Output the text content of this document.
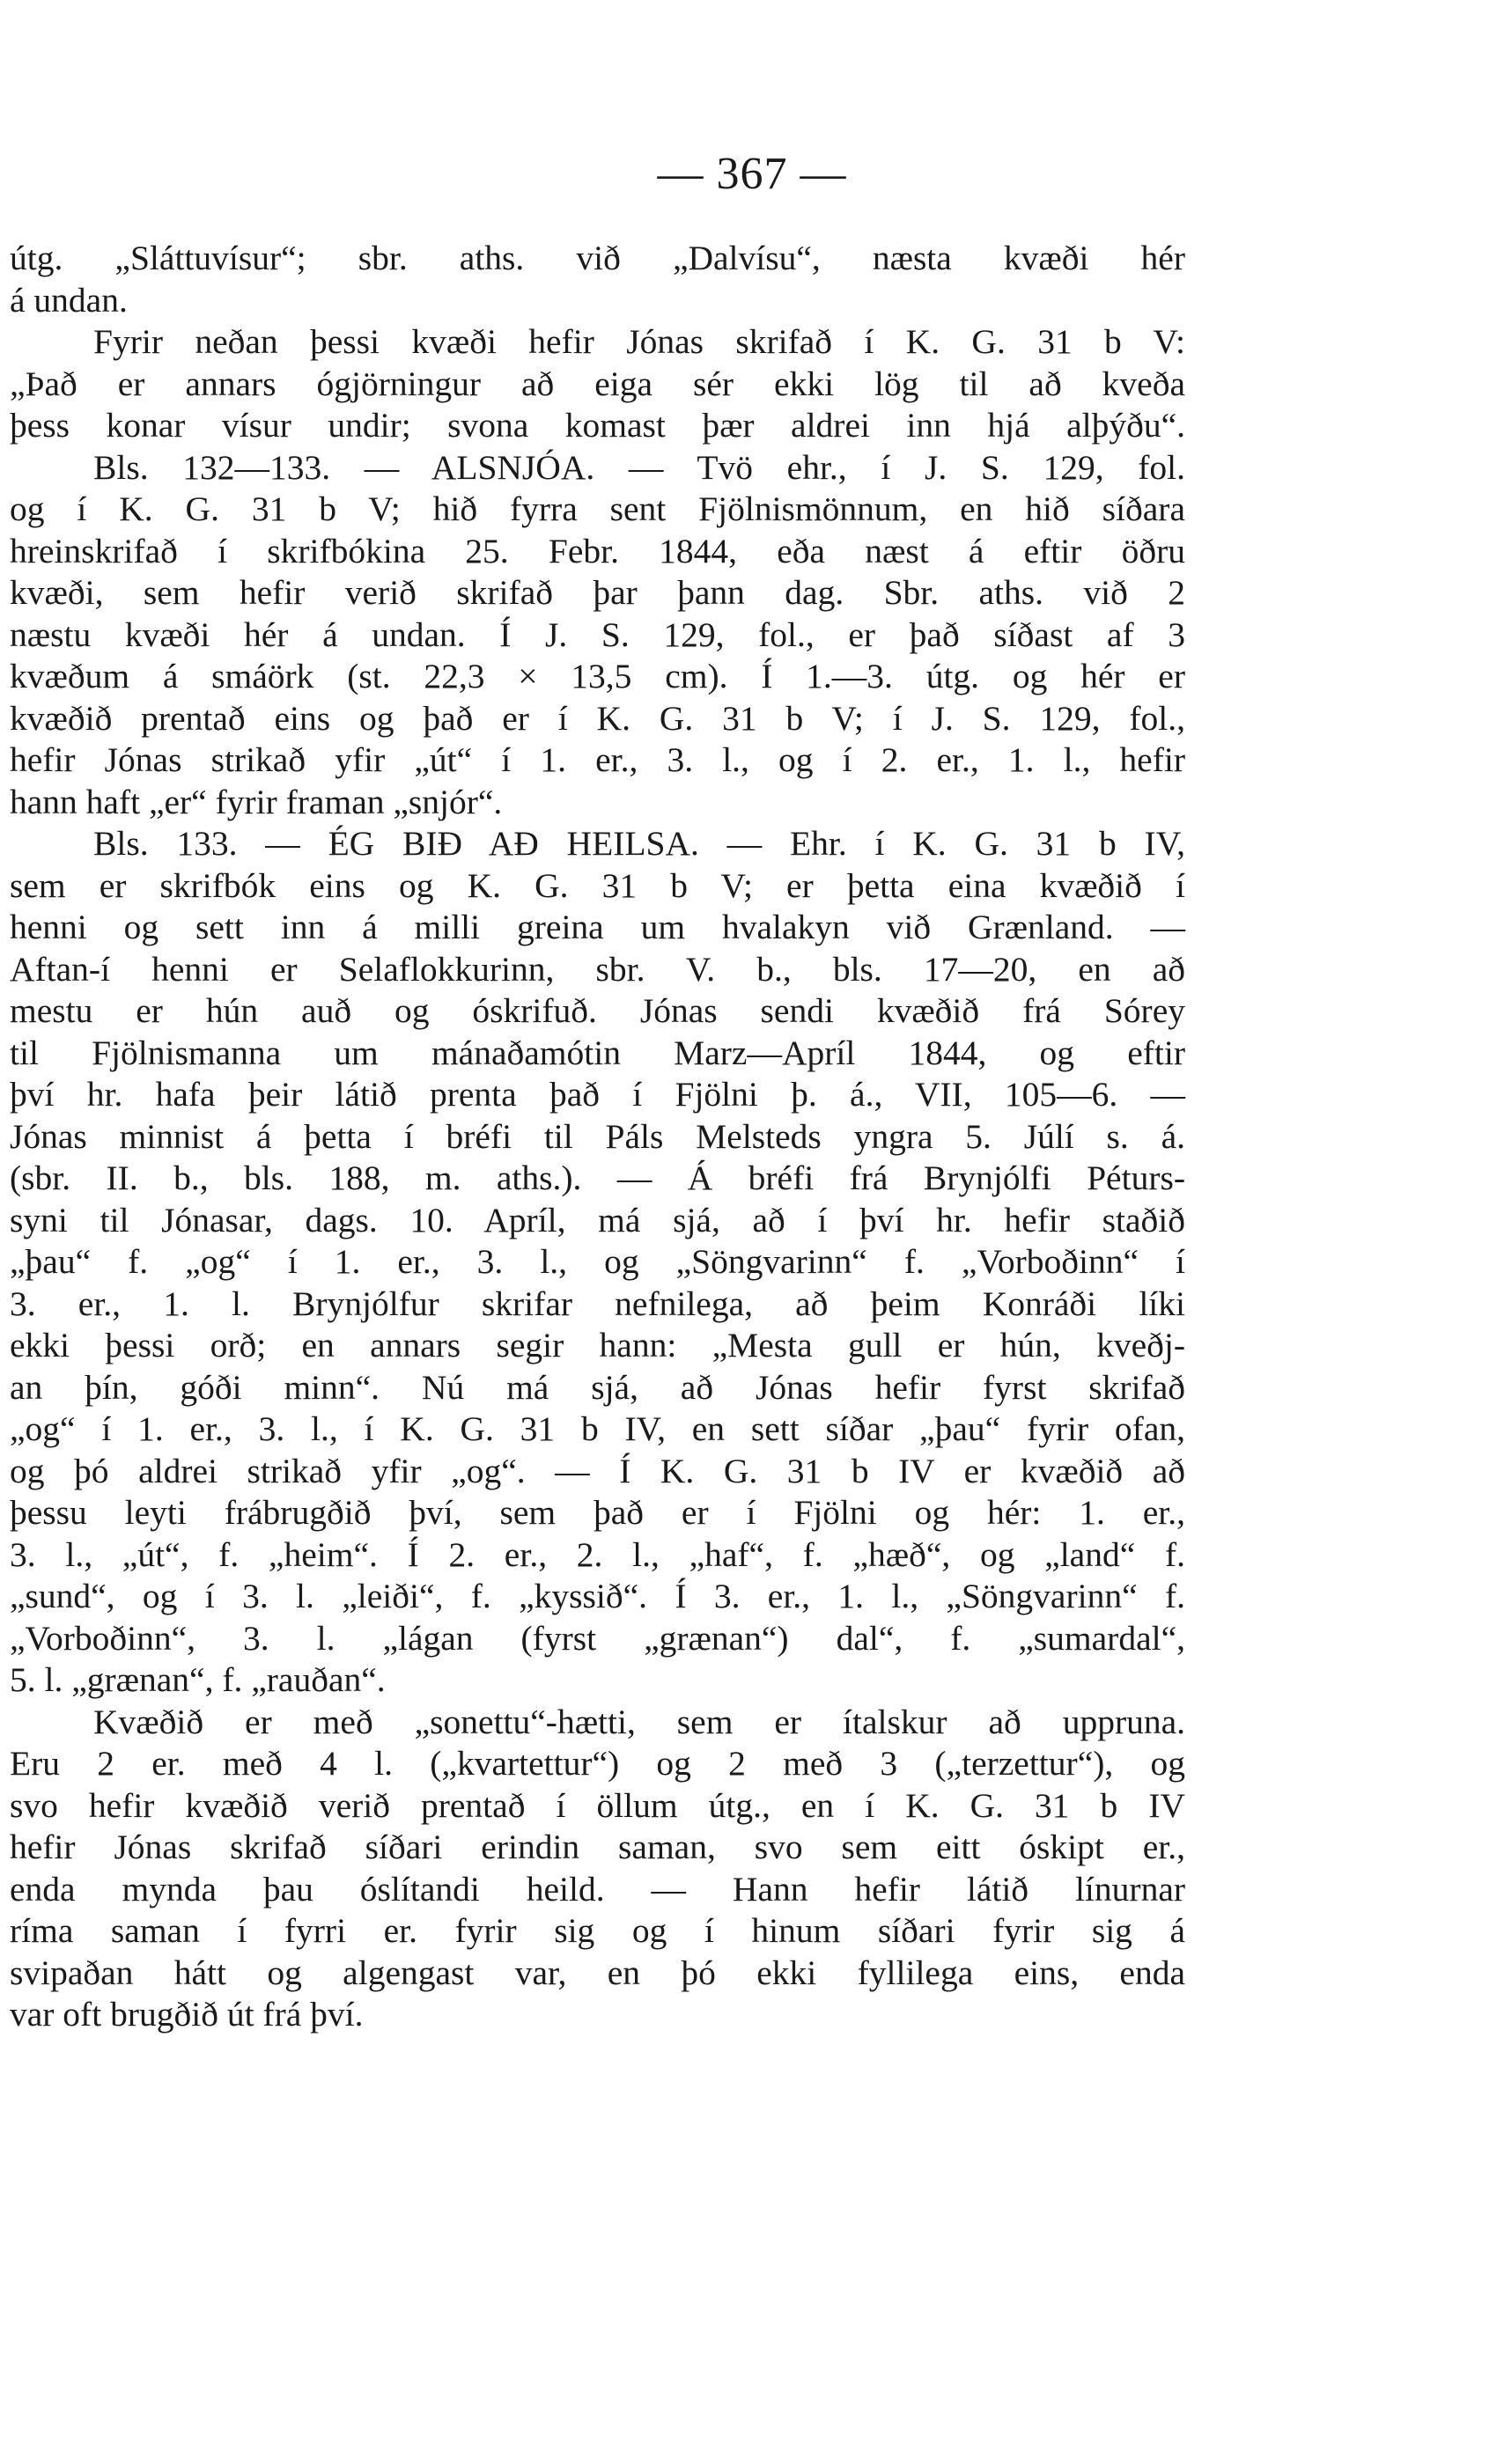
— 367 —
útg. „Sláttuvísur“; sbr. aths. við „Dalvísu“, næsta kvæði hér
á undan.
Fyrir neðan þessi kvæði hefir Jónas skrifað í K. G. 31 b V:
„Það er annars ógjörningur að eiga sér ekki lög til að kveða
þess konar vísur undir; svona komast þær aldrei inn hjá alþýðu“.
Bls. 132—133. — ALSNJÓA. — Tvö ehr., í J. S. 129, fol.
og í K. G. 31 b V; hið fyrra sent Fjölnismönnum, en hið síðara
hreinskrifað í skrifbókina 25. Febr. 1844, eða næst á eftir öðru
kvæði, sem hefir verið skrifað þar þann dag. Sbr. aths. við 2
næstu kvæði hér á undan. Í J. S. 129, fol., er það síðast af 3
kvæðum á smáörk (st. 22,3 × 13,5 cm). Í 1.—3. útg. og hér er
kvæðið prentað eins og það er í K. G. 31 b V; í J. S. 129, fol.,
hefir Jónas strikað yfir „út“ í 1. er., 3. l., og í 2. er., 1. l., hefir
hann haft „er“ fyrir framan „snjór“.
Bls. 133. — ÉG BIÐ AÐ HEILSA. — Ehr. í K. G. 31 b IV,
sem er skrifbók eins og K. G. 31 b V; er þetta eina kvæðið í
henni og sett inn á milli greina um hvalakyn við Grænland. —
Aftan-í henni er Selaflokkurinn, sbr. V. b., bls. 17—20, en að
mestu er hún auð og óskrifuð. Jónas sendi kvæðið frá Sórey
til Fjölnismanna um mánaðamótin Marz—Apríl 1844, og eftir
því hr. hafa þeir látið prenta það í Fjölni þ. á., VII, 105—6. —
Jónas minnist á þetta í bréfi til Páls Melsteds yngra 5. Júlí s. á.
(sbr. II. b., bls. 188, m. aths.). — Á bréfi frá Brynjólfi Péturs-
syni til Jónasar, dags. 10. Apríl, má sjá, að í því hr. hefir staðið
„þau“ f. „og“ í 1. er., 3. l., og „Söngvarinn“ f. „Vorboðinn“ í
3. er., 1. l. Brynjólfur skrifar nefnilega, að þeim Konráði líki
ekki þessi orð; en annars segir hann: „Mesta gull er hún, kveðj-
an þín, góði minn“. Nú má sjá, að Jónas hefir fyrst skrifað
„og“ í 1. er., 3. l., í K. G. 31 b IV, en sett síðar „þau“ fyrir ofan,
og þó aldrei strikað yfir „og“. — Í K. G. 31 b IV er kvæðið að
þessu leyti frábrugðið því, sem það er í Fjölni og hér: 1. er.,
3. l., „út“, f. „heim“. Í 2. er., 2. l., „haf“, f. „hæð“, og „land“ f.
„sund“, og í 3. l. „leiði“, f. „kyssið“. Í 3. er., 1. l., „Söngvarinn“ f.
„Vorboðinn“, 3. l. „lágan (fyrst „grænan“) dal“, f. „sumardal“,
5. l. „grænan“, f. „rauðan“.
Kvæðið er með „sonettu“-hætti, sem er ítalskur að uppruna.
Eru 2 er. með 4 l. („kvartettur“) og 2 með 3 („terzettur“), og
svo hefir kvæðið verið prentað í öllum útg., en í K. G. 31 b IV
hefir Jónas skrifað síðari erindin saman, svo sem eitt óskipt er.,
enda mynda þau óslítandi heild. — Hann hefir látið línurnar
ríma saman í fyrri er. fyrir sig og í hinum síðari fyrir sig á
svipaðan hátt og algengast var, en þó ekki fyllilega eins, enda
var oft brugðið út frá því.
